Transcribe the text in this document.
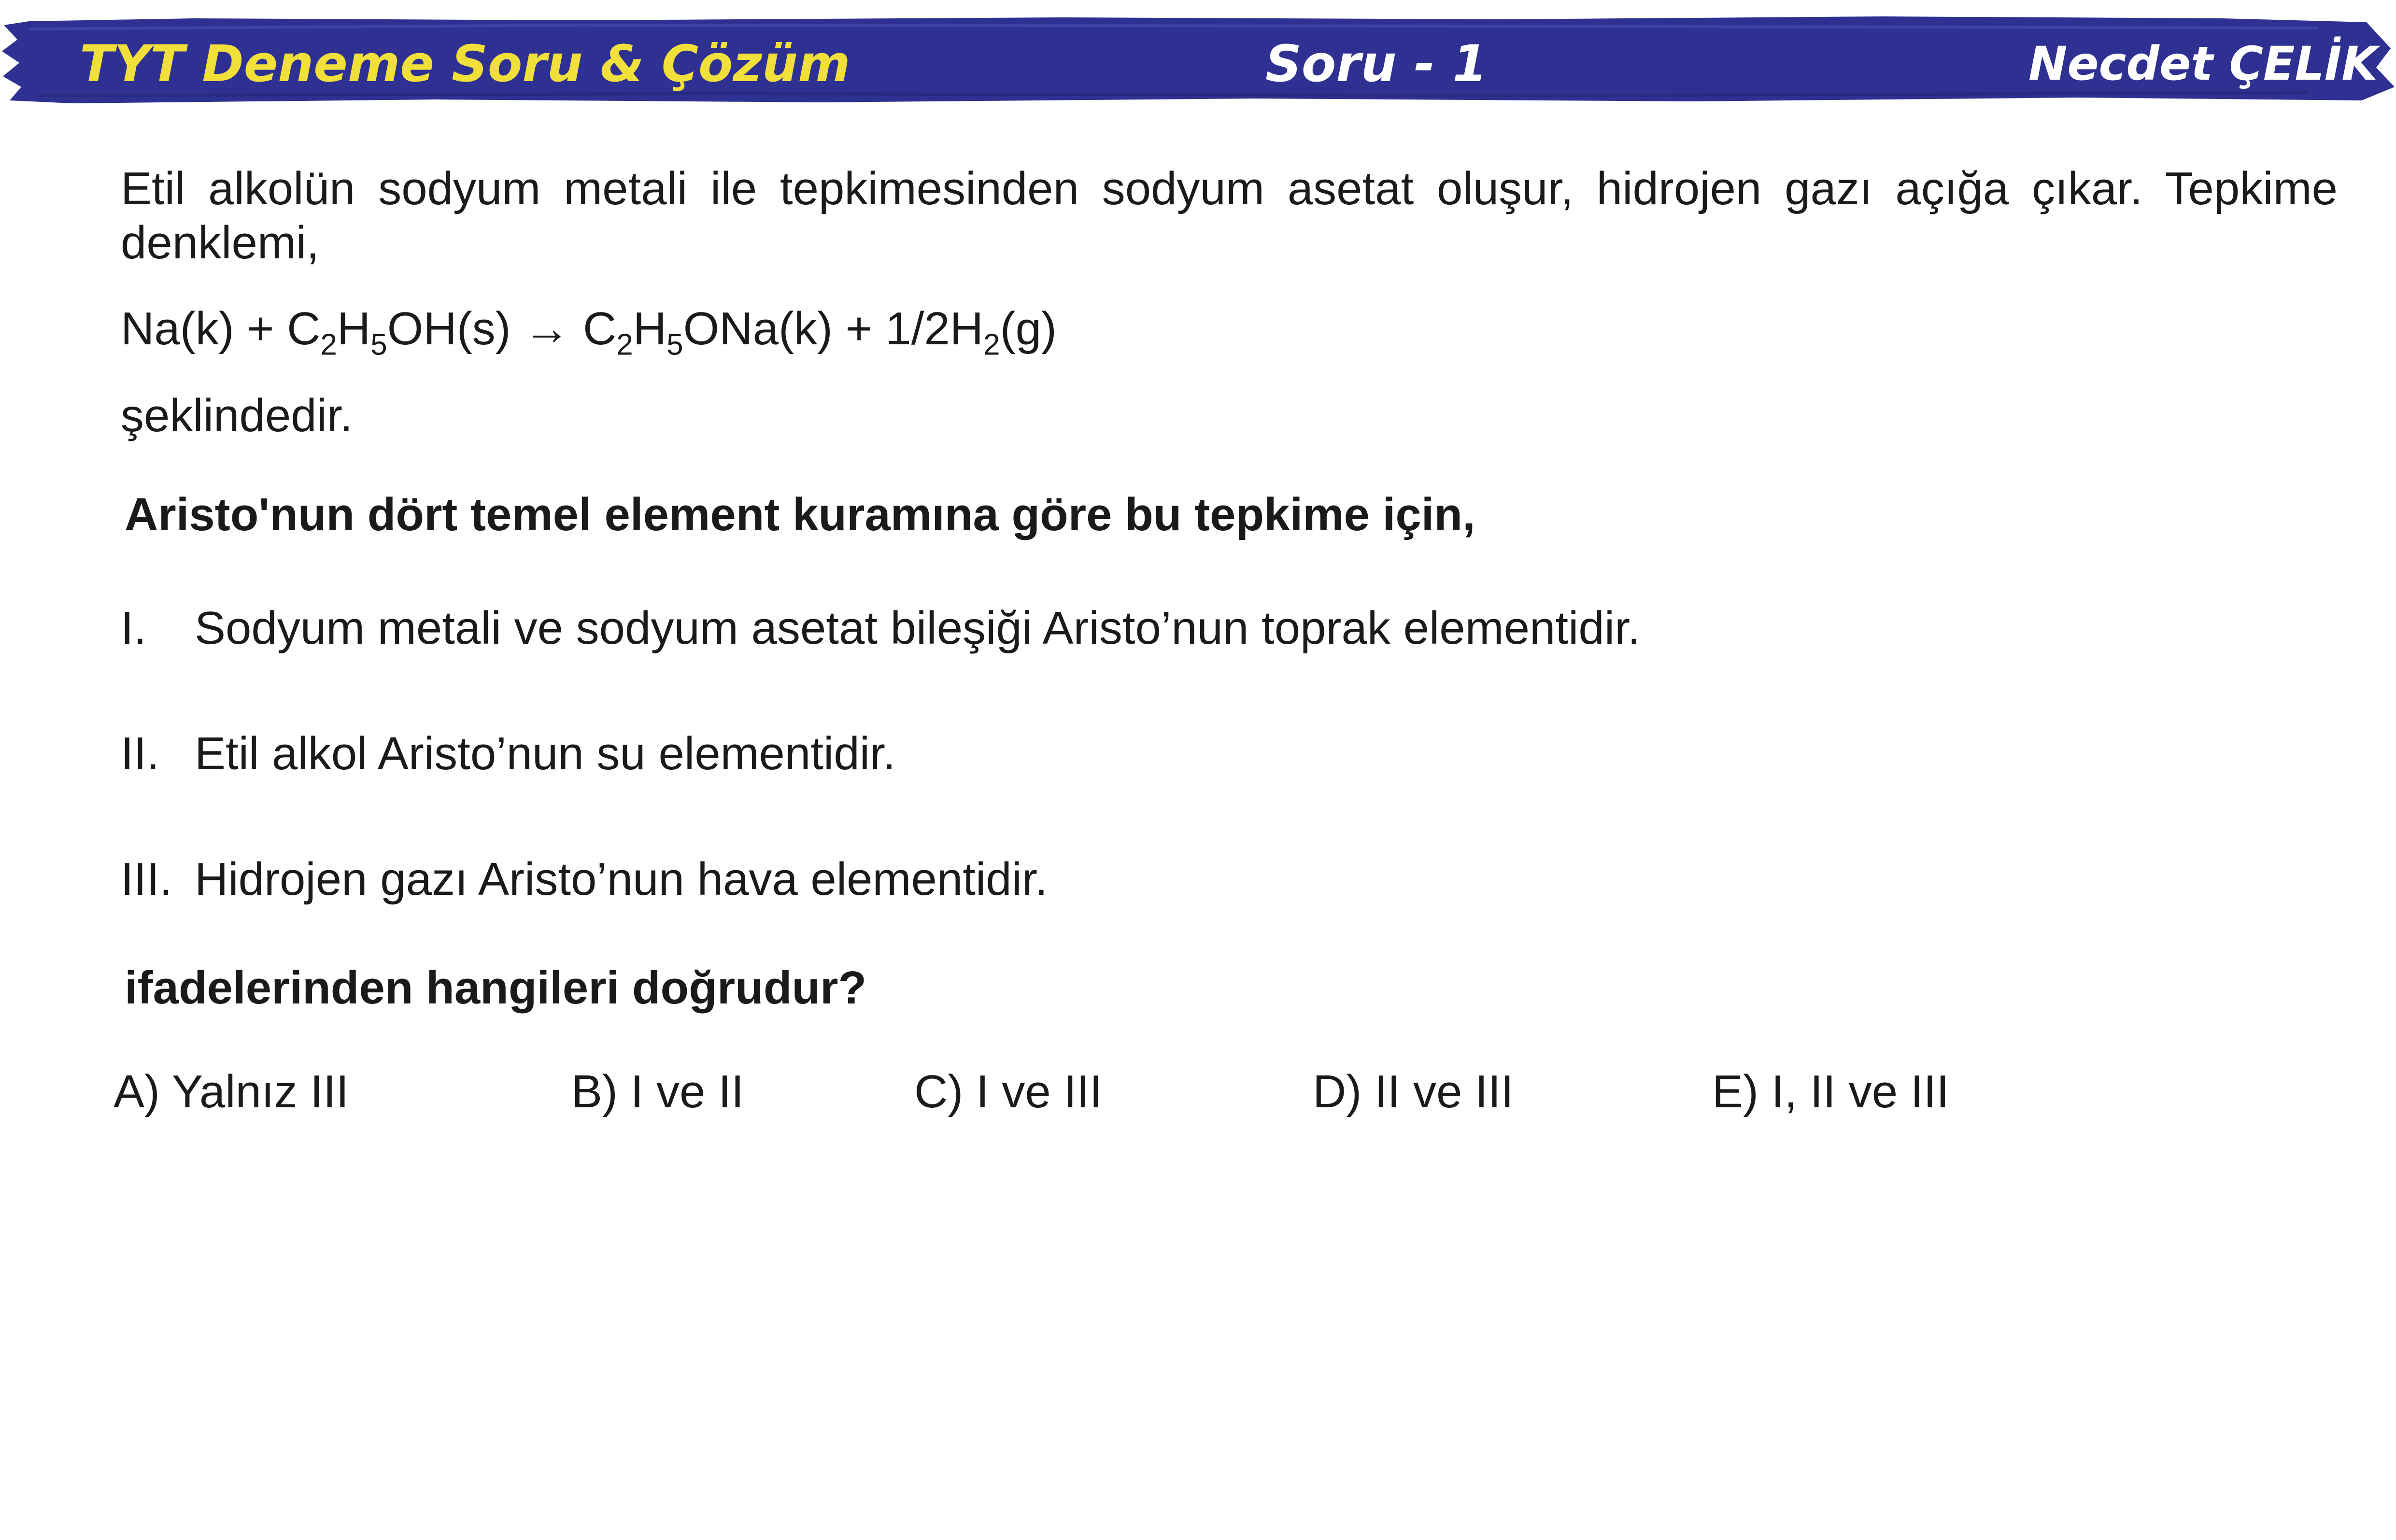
TYT Deneme Soru & Çözüm	Soru - 1	Necdet ÇELİK
Etil alkolün sodyum metali ile tepkimesinden sodyum asetat oluşur, hidrojen gazı açığa çıkar. Tepkime denklemi,
$Na(k) + C_2H_5OH(s) \to C_2H_5ONa(k) + 1/2H_2(g)$
şeklindedir.
Aristo'nun dört temel element kuramına göre bu tepkime için,
I. Sodyum metali ve sodyum asetat bileşiği Aristo’nun toprak elementidir.
II. Etil alkol Aristo’nun su elementidir.
III. Hidrojen gazı Aristo’nun hava elementidir.
ifadelerinden hangileri doğrudur?
A) Yalnız III	B) I ve II	C) I ve III	D) II ve III	E) I, II ve III
